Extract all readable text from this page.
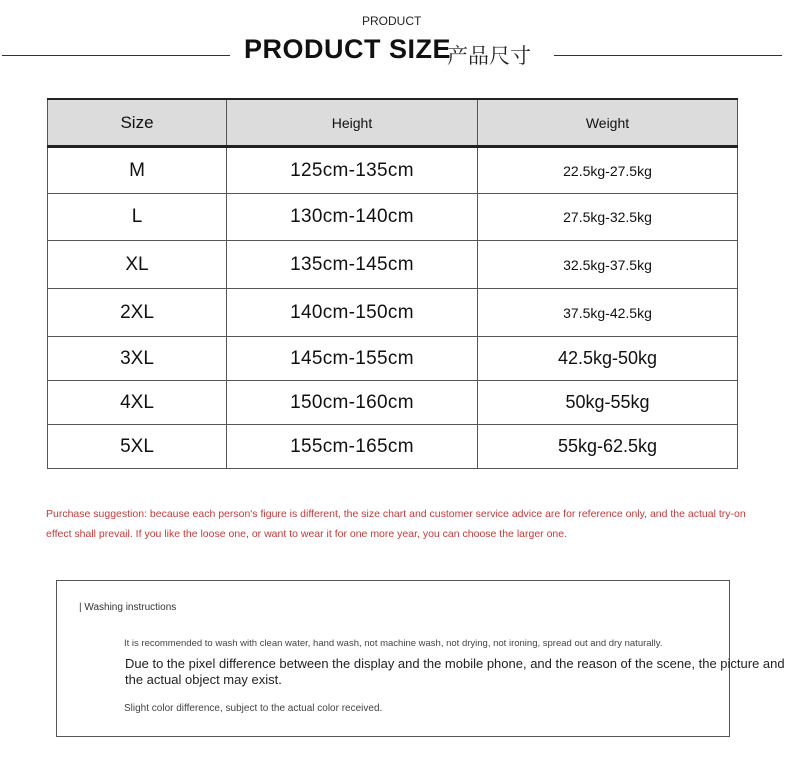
PRODUCT
PRODUCT SIZE
产品尺寸
Size	Height	Weight
M	125cm-135cm	22.5kg-27.5kg
L	130cm-140cm	27.5kg-32.5kg
XL	135cm-145cm	32.5kg-37.5kg
2XL	140cm-150cm	37.5kg-42.5kg
3XL	145cm-155cm	42.5kg-50kg
4XL	150cm-160cm	50kg-55kg
5XL	155cm-165cm	55kg-62.5kg
Purchase suggestion: because each person's figure is different, the size chart and customer service advice are for reference only, and the actual try-on effect shall prevail. If you like the loose one, or want to wear it for one more year, you can choose the larger one.
| Washing instructions
It is recommended to wash with clean water, hand wash, not machine wash, not drying, not ironing, spread out and dry naturally.
Due to the pixel difference between the display and the mobile phone, and the reason of the scene, the picture and the actual object may exist.
Slight color difference, subject to the actual color received.
